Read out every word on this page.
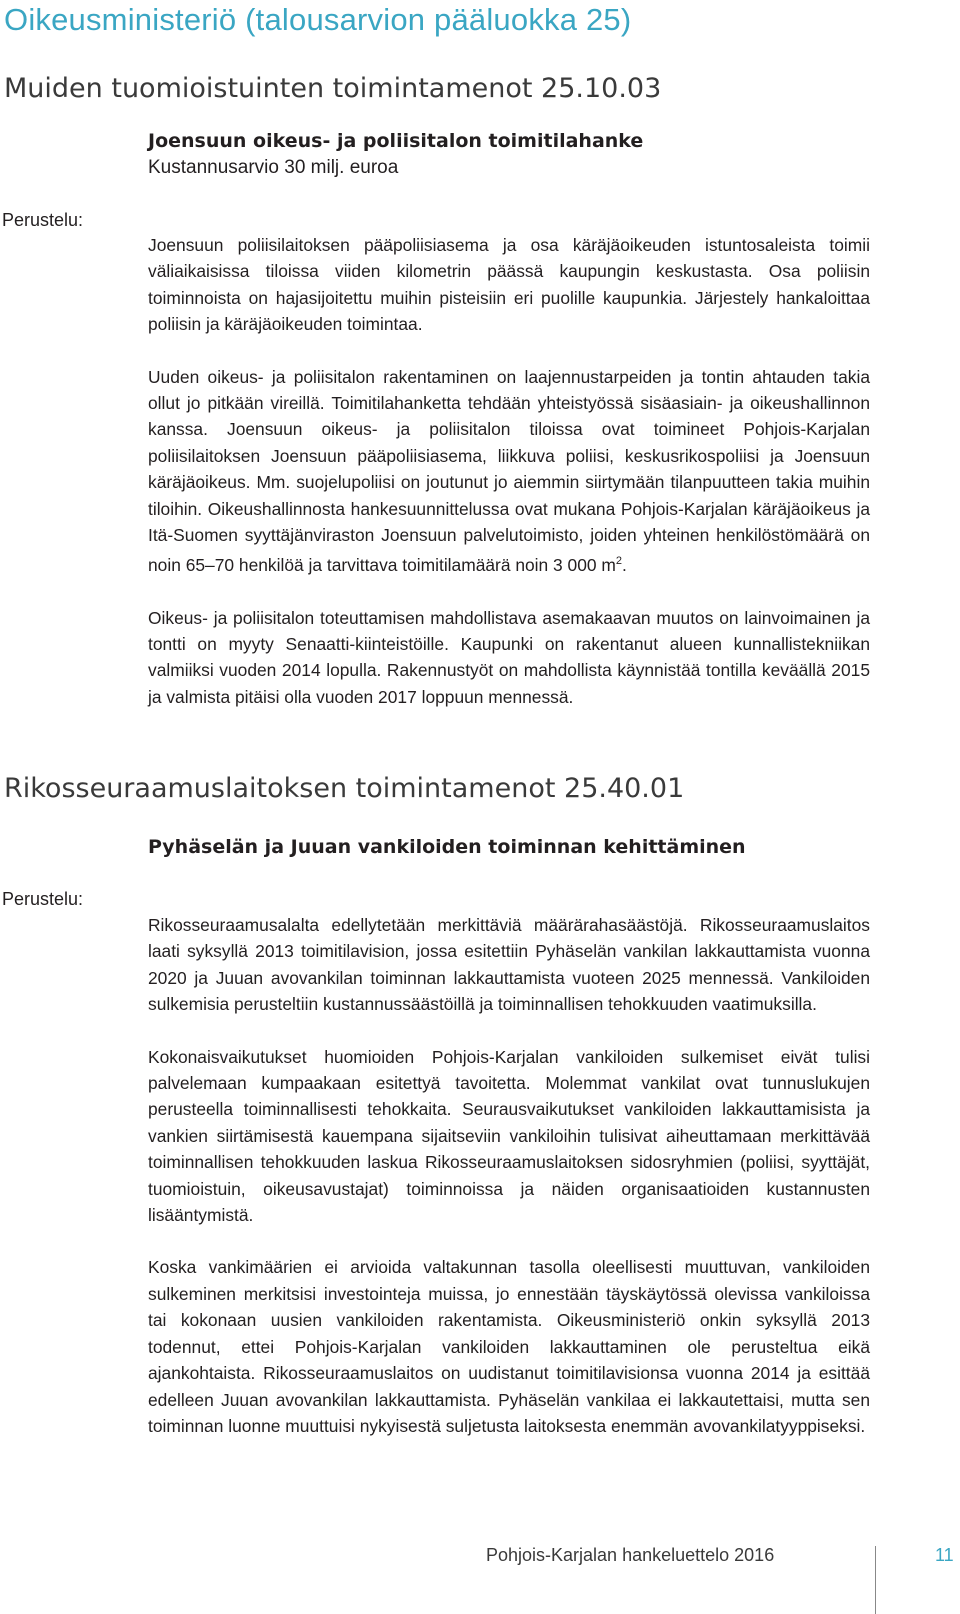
Oikeusministeriö (talousarvion pääluokka 25)
Muiden tuomioistuinten toimintamenot 25.10.03
Joensuun oikeus- ja poliisitalon toimitilahanke
Kustannusarvio 30 milj. euroa
Perustelu:

Joensuun poliisilaitoksen pääpoliisiasema ja osa käräjäoikeuden istuntosaleista toimii väliaikaisissa tiloissa viiden kilometrin päässä kaupungin keskustasta. Osa poliisin toiminnoista on hajasijoitettu muihin pisteisiin eri puolille kaupunkia. Järjestely hankaloittaa poliisin ja käräjäoikeuden toimintaa.

Uuden oikeus- ja poliisitalon rakentaminen on laajennustarpeiden ja tontin ahtauden takia ollut jo pitkään vireillä. Toimitilahanketta tehdään yhteistyössä sisäasiain- ja oikeushallinnon kanssa. Joensuun oikeus- ja poliisitalon tiloissa ovat toimineet Pohjois-Karjalan poliisilaitoksen Joensuun pääpoliisiasema, liikkuva poliisi, keskusrikospoliisi ja Joensuun käräjäoikeus. Mm. suojelupoliisi on joutunut jo aiemmin siirtymään tilanpuutteen takia muihin tiloihin. Oikeushallinnosta hankesuunnittelussa ovat mukana Pohjois-Karjalan käräjäoikeus ja Itä-Suomen syyttäjänviraston Joensuun palvelutoimisto, joiden yhteinen henkilöstömäärä on noin 65–70 henkilöä ja tarvittava toimitilamäärä noin 3 000 $m^2$.

Oikeus- ja poliisitalon toteuttamisen mahdollistava asemakaavan muutos on lainvoimainen ja tontti on myyty Senaatti-kiinteistöille. Kaupunki on rakentanut alueen kunnallistekniikan valmiiksi vuoden 2014 lopulla. Rakennustyöt on mahdollista käynnistää tontilla keväällä 2015 ja valmista pitäisi olla vuoden 2017 loppuun mennessä.

Rikosseuraamuslaitoksen toimintamenot 25.40.01
Pyhäselän ja Juuan vankiloiden toiminnan kehittäminen
Perustelu:

Rikosseuraamusalalta edellytetään merkittäviä määrärahasäästöjä. Rikosseuraamuslaitos laati syksyllä 2013 toimitilavision, jossa esitettiin Pyhäselän vankilan lakkauttamista vuonna 2020 ja Juuan avovankilan toiminnan lakkauttamista vuoteen 2025 mennessä. Vankiloiden sulkemisia perusteltiin kustannussäästöillä ja toiminnallisen tehokkuuden vaatimuksilla.

Kokonaisvaikutukset huomioiden Pohjois-Karjalan vankiloiden sulkemiset eivät tulisi palvelemaan kumpaakaan esitettyä tavoitetta. Molemmat vankilat ovat tunnuslukujen perusteella toiminnallisesti tehokkaita. Seurausvaikutukset vankiloiden lakkauttamisista ja vankien siirtämisestä kauempana sijaitseviin vankiloihin tulisivat aiheuttamaan merkittävää toiminnallisen tehokkuuden laskua Rikosseuraamuslaitoksen sidosryhmien (poliisi, syyttäjät, tuomioistuin, oikeusavustajat) toiminnoissa ja näiden organisaatioiden kustannusten lisääntymistä.

Koska vankimäärien ei arvioida valtakunnan tasolla oleellisesti muuttuvan, vankiloiden sulkeminen merkitsisi investointeja muissa, jo ennestään täyskäytössä olevissa vankiloissa tai kokonaan uusien vankiloiden rakentamista. Oikeusministeriö onkin syksyllä 2013 todennut, ettei Pohjois-Karjalan vankiloiden lakkauttaminen ole perusteltua eikä ajankohtaista. Rikosseuraamuslaitos on uudistanut toimitilavisionsa vuonna 2014 ja esittää edelleen Juuan avovankilan lakkauttamista. Pyhäselän vankilaa ei lakkautettaisi, mutta sen toiminnan luonne muuttuisi nykyisestä suljetusta laitoksesta enemmän avovankilatyyppiseksi.

Pohjois-Karjalan hankeluettelo 2016	11
